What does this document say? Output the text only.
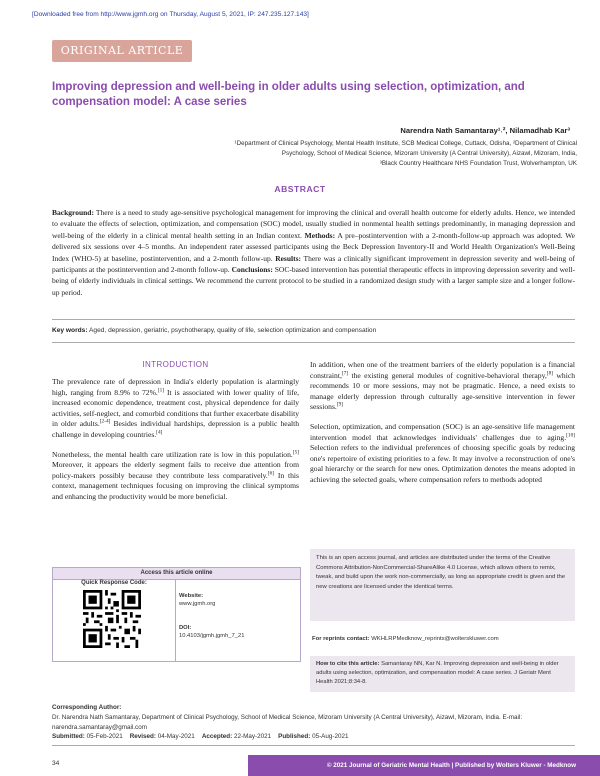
[Downloaded free from http://www.jgmh.org on Thursday, August 5, 2021, IP: 247.235.127.143]
ORIGINAL ARTICLE
Improving depression and well-being in older adults using selection, optimization, and compensation model: A case series
Narendra Nath Samantaray¹˒², Nilamadhab Kar³
¹Department of Clinical Psychology, Mental Health Institute, SCB Medical College, Cuttack, Odisha, ²Department of Clinical
Psychology, School of Medical Science, Mizoram University (A Central University), Aizawl, Mizoram, India,
³Black Country Healthcare NHS Foundation Trust, Wolverhampton, UK
ABSTRACT
Background: There is a need to study age-sensitive psychological management for improving the clinical and overall health outcome for elderly adults. Hence, we intended to evaluate the effects of selection, optimization, and compensation (SOC) model, usually studied in nonmental health settings predominantly, in managing depression and well-being of the elderly in a clinical mental health setting in an Indian context. Methods: A pre–postintervention with a 2-month-follow-up approach was adopted. We delivered six sessions over 4–5 months. An independent rater assessed participants using the Beck Depression Inventory-II and World Health Organization's Well-Being Index (WHO-5) at baseline, postintervention, and a 2-month follow-up. Results: There was a clinically significant improvement in depression severity and well-being of participants at the postintervention and 2-month follow-up. Conclusions: SOC-based intervention has potential therapeutic effects in improving depression severity and well-being of elderly individuals in clinical settings. We recommend the current protocol to be studied in a randomized design study with a larger sample size and a longer follow-up period.
Key words: Aged, depression, geriatric, psychotherapy, quality of life, selection optimization and compensation
INTRODUCTION

The prevalence rate of depression in India's elderly population is alarmingly high, ranging from 8.9% to 72%.[1] It is associated with lower quality of life, increased economic dependence, treatment cost, physical dependence for daily activities, self-neglect, and comorbid conditions that further exacerbate disability in older adults.[2-4] Besides individual hardships, depression is a public health challenge in developing countries.[4]

Nonetheless, the mental health care utilization rate is low in this population.[5] Moreover, it appears the elderly segment fails to receive due attention from policy-makers possibly because they contribute less comparatively.[6] In this context, management techniques focusing on improving the clinical symptoms and enhancing the productivity would be more beneficial.

In addition, when one of the treatment barriers of the elderly population is a financial constraint,[7] the existing general modules of cognitive-behavioral therapy,[8] which recommends 10 or more sessions, may not be pragmatic. Hence, a need exists to manage elderly depression through culturally age-sensitive intervention in fewer sessions.[9]

Selection, optimization, and compensation (SOC) is an age-sensitive life management intervention model that acknowledges individuals' challenges due to aging.[10] Selection refers to the individual preferences of choosing specific goals by reducing one's repertoire of existing priorities to a few. It may involve a reconstruction of one's goal hierarchy or the search for new ones. Optimization denotes the means adopted in achieving the selected goals, where compensation refers to methods adopted

Access this article online
Quick Response Code:
Website:
www.jgmh.org
DOI:
10.4103/jgmh.jgmh_7_21
This is an open access journal, and articles are distributed under the terms of the Creative Commons Attribution-NonCommercial-ShareAlike 4.0 License, which allows others to remix, tweak, and build upon the work non-commercially, as long as appropriate credit is given and the new creations are licensed under the identical terms.
For reprints contact: WKHLRPMedknow_reprints@wolterskluwer.com
How to cite this article: Samantaray NN, Kar N. Improving depression and well-being in older adults using selection, optimization, and compensation model: A case series. J Geriatr Ment Health 2021;8:34-8.
Corresponding Author:
Dr. Narendra Nath Samantaray, Department of Clinical Psychology, School of Medical Science, Mizoram University (A Central University), Aizawl, Mizoram, India. E-mail: narendra.samantaray@gmail.com
Submitted: 05-Feb-2021 Revised: 04-May-2021 Accepted: 22-May-2021 Published: 05-Aug-2021
34	© 2021 Journal of Geriatric Mental Health | Published by Wolters Kluwer - Medknow
